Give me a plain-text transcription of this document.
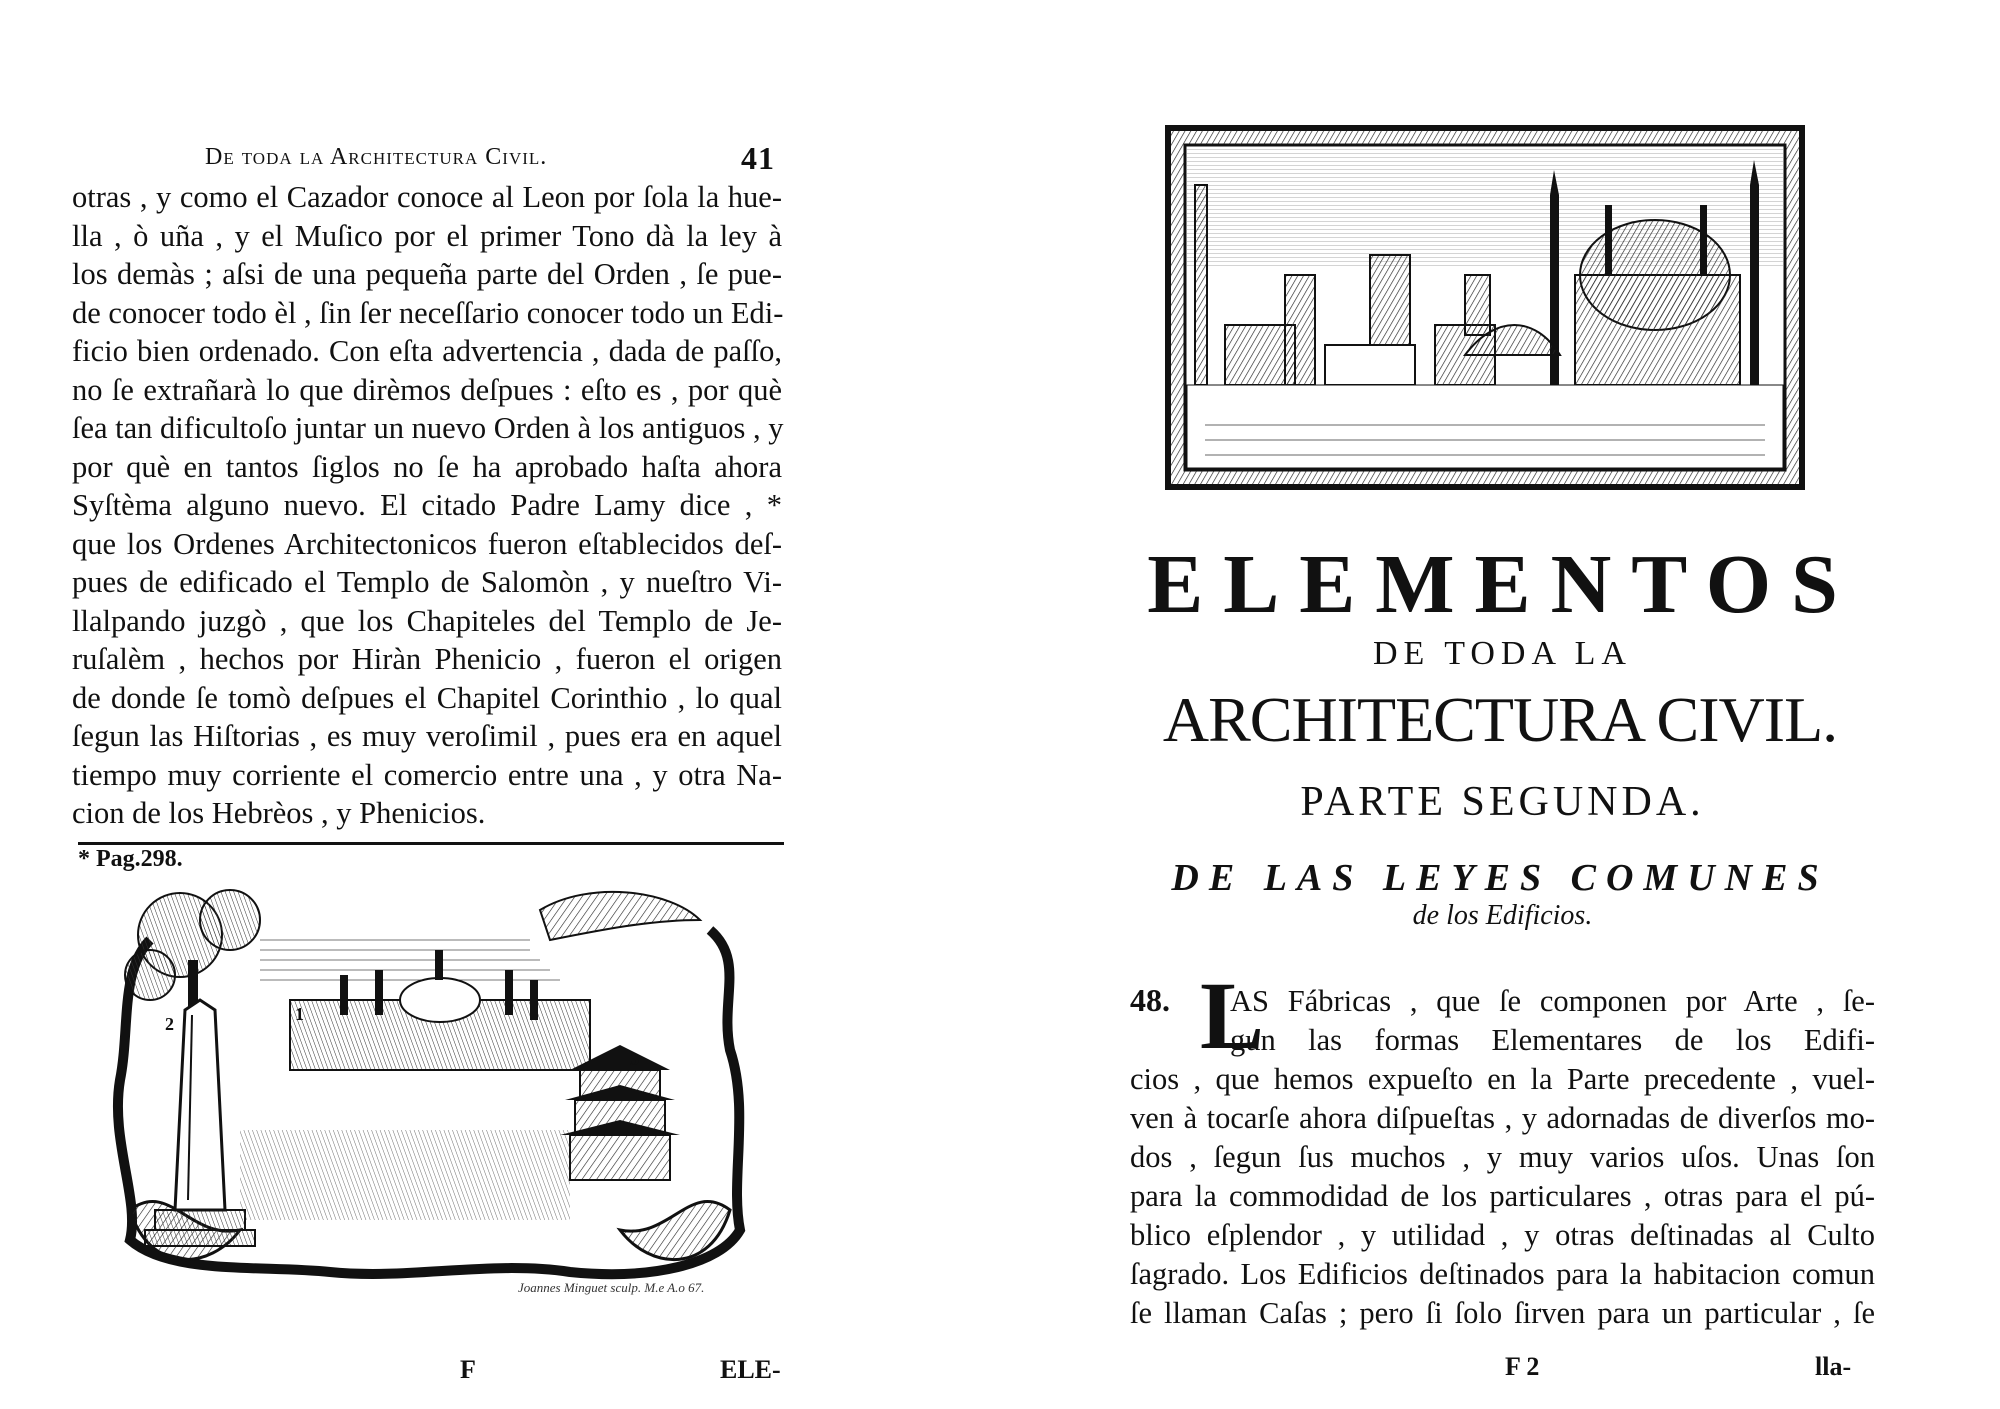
De toda la Architectura Civil.	41
otras , y como el Cazador conoce al Leon por ſola la hue-
lla , ò uña , y el Muſico por el primer Tono dà la ley à
los demàs ; aſsi de una pequeña parte del Orden , ſe pue-
de conocer todo èl , ſin ſer neceſſario conocer todo un Edi-
ficio bien ordenado. Con eſta advertencia , dada de paſſo,
no ſe extrañarà lo que dirèmos deſpues : eſto es , por què
ſea tan dificultoſo juntar un nuevo Orden à los antiguos , y
por què en tantos ſiglos no ſe ha aprobado haſta ahora
Syſtèma alguno nuevo. El citado Padre Lamy dice , *
que los Ordenes Architectonicos fueron eſtablecidos deſ-
pues de edificado el Templo de Salomòn , y nueſtro Vi-
llalpando juzgò , que los Chapiteles del Templo de Je-
ruſalèm , hechos por Hiràn Phenicio , fueron el origen
de donde ſe tomò deſpues el Chapitel Corinthio , lo qual
ſegun las Hiſtorias , es muy veroſimil , pues era en aquel
tiempo muy corriente el comercio entre una , y otra Na-
cion de los Hebrèos , y Phenicios.
* Pag.298.
1
2
3
Joannes Minguet sculp. M.e A.o 67.
F	ELE-
ELEMENTOS
DE TODA LA
ARCHITECTURA CIVIL.
PARTE SEGUNDA.
DE LAS LEYES COMUNES
de los Edificios.
48. L
AS Fábricas , que ſe componen por Arte , ſe-
gun las formas Elementares de los Edifi-
cios , que hemos expueſto en la Parte precedente , vuel-
ven à tocarſe ahora diſpueſtas , y adornadas de diverſos mo-
dos , ſegun ſus muchos , y muy varios uſos. Unas ſon
para la commodidad de los particulares , otras para el pú-
blico eſplendor , y utilidad , y otras deſtinadas al Culto
ſagrado. Los Edificios deſtinados para la habitacion comun
ſe llaman Caſas ; pero ſi ſolo ſirven para un particular , ſe
F 2	lla-
